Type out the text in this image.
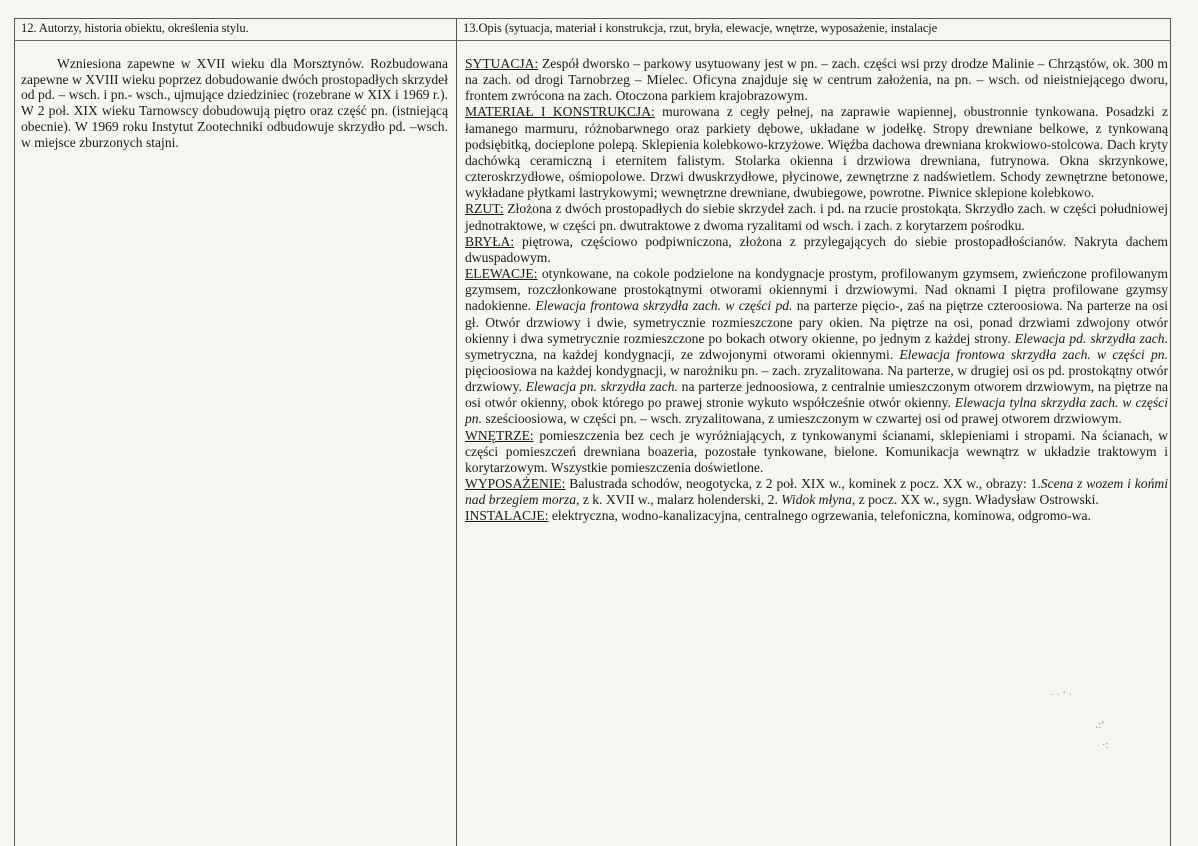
12. Autorzy, historia obiektu, określenia stylu.	13.Opis (sytuacja, materiał i konstrukcja, rzut, bryła, elewacje, wnętrze, wyposażenie, instalacje

Wzniesiona zapewne w XVII wieku dla Morsztynów. Rozbudowana zapewne w XVIII wieku poprzez dobudowanie dwóch prostopadłych skrzydeł od pd. – wsch. i pn.- wsch., ujmujące dziedziniec (rozebrane w XIX i 1969 r.). W 2 poł. XIX wieku Tarnowscy dobudowują piętro oraz część pn. (istniejącą obecnie). W 1969 roku Instytut Zootechniki odbudowuje skrzydło pd. –wsch. w miejsce zburzonych stajni.

SYTUACJA: Zespół dworsko – parkowy usytuowany jest w pn. – zach. części wsi przy drodze Malinie – Chrząstów, ok. 300 m na zach. od drogi Tarnobrzeg – Mielec. Oficyna znajduje się w centrum założenia, na pn. – wsch. od nieistniejącego dworu, frontem zwrócona na zach. Otoczona parkiem krajobrazowym.

MATERIAŁ I KONSTRUKCJA: murowana z cegły pełnej, na zaprawie wapiennej, obustronnie tynkowana. Posadzki z łamanego marmuru, różnobarwnego oraz parkiety dębowe, układane w jodełkę. Stropy drewniane belkowe, z tynkowaną podsiębitką, docieplone polepą. Sklepienia kolebkowo-krzyżowe. Więźba dachowa drewniana krokwiowo-stolcowa. Dach kryty dachówką ceramiczną i eternitem falistym. Stolarka okienna i drzwiowa drewniana, futrynowa. Okna skrzynkowe, czteroskrzydłowe, ośmiopolowe. Drzwi dwuskrzydłowe, płycinowe, zewnętrzne z nadświetlem. Schody zewnętrzne betonowe, wykładane płytkami lastrykowymi; wewnętrzne drewniane, dwubiegowe, powrotne. Piwnice sklepione kolebkowo.

RZUT: Złożona z dwóch prostopadłych do siebie skrzydeł zach. i pd. na rzucie prostokąta. Skrzydło zach. w części południowej jednotraktowe, w części pn. dwutraktowe z dwoma ryzalitami od wsch. i zach. z korytarzem pośrodku.

BRYŁA: piętrowa, częściowo podpiwniczona, złożona z przylegających do siebie prostopadłościanów. Nakryta dachem dwuspadowym.

ELEWACJE: otynkowane, na cokole podzielone na kondygnacje prostym, profilowanym gzymsem, zwieńczone profilowanym gzymsem, rozczłonkowane prostokątnymi otworami okiennymi i drzwiowymi. Nad oknami I piętra profilowane gzymsy nadokienne. Elewacja frontowa skrzydła zach. w części pd. na parterze pięcio-, zaś na piętrze czteroosiowa. Na parterze na osi gł. Otwór drzwiowy i dwie, symetrycznie rozmieszczone pary okien. Na piętrze na osi, ponad drzwiami zdwojony otwór okienny i dwa symetrycznie rozmieszczone po bokach otwory okienne, po jednym z każdej strony. Elewacja pd. skrzydła zach. symetryczna, na każdej kondygnacji, ze zdwojonymi otworami okiennymi. Elewacja frontowa skrzydła zach. w części pn. pięcioosiowa na każdej kondygnacji, w narożniku pn. – zach. zryzalitowana. Na parterze, w drugiej osi os pd. prostokątny otwór drzwiowy. Elewacja pn. skrzydła zach. na parterze jednoosiowa, z centralnie umieszczonym otworem drzwiowym, na piętrze na osi otwór okienny, obok którego po prawej stronie wykuto współcześnie otwór okienny. Elewacja tylna skrzydła zach. w części pn. sześcioosiowa, w części pn. – wsch. zryzalitowana, z umieszczonym w czwartej osi od prawej otworem drzwiowym.

WNĘTRZE: pomieszczenia bez cech je wyróżniających, z tynkowanymi ścianami, sklepieniami i stropami. Na ścianach, w części pomieszczeń drewniana boazeria, pozostałe tynkowane, bielone. Komunikacja wewnątrz w układzie traktowym i korytarzowym. Wszystkie pomieszczenia doświetlone.

WYPOSAŻENIE: Balustrada schodów, neogotycka, z 2 poł. XIX w., kominek z pocz. XX w., obrazy: 1.Scena z wozem i końmi nad brzegiem morza, z k. XVII w., malarz holenderski, 2. Widok młyna, z pocz. XX w., sygn. Władysław Ostrowski.

INSTALACJE: elektryczna, wodno-kanalizacyjna, centralnego ogrzewania, telefoniczna, kominowa, odgromo-wa.

· · ' ·
.:'
·:
